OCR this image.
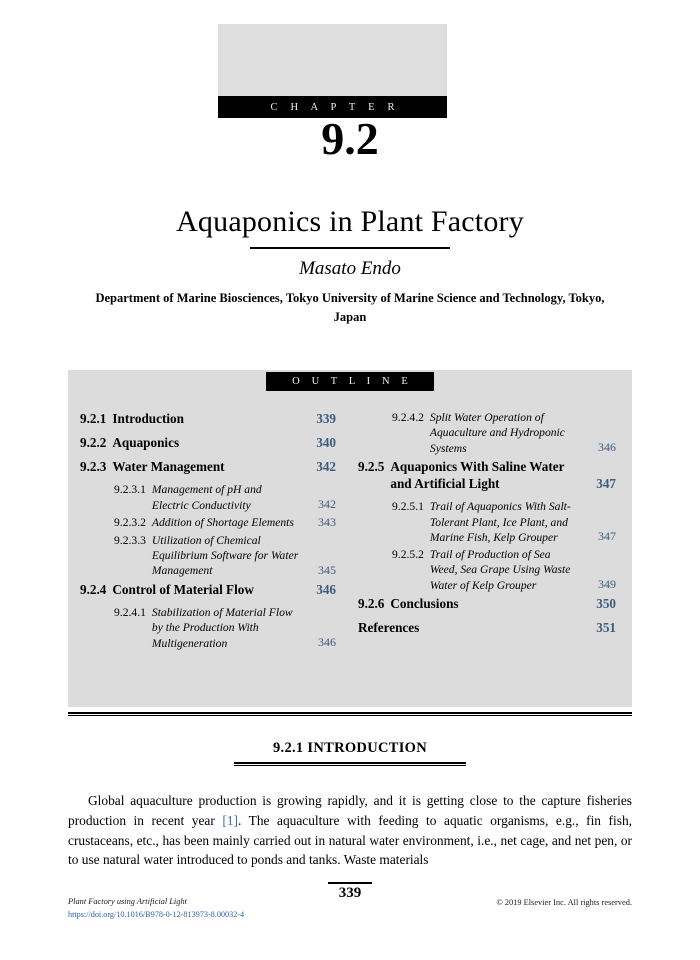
C H A P T E R
9.2
Aquaponics in Plant Factory
Masato Endo
Department of Marine Biosciences, Tokyo University of Marine Science and Technology, Tokyo, Japan
O U T L I N E
9.2.1 Introduction	339
9.2.2 Aquaponics	340
9.2.3 Water Management	342
9.2.3.1 Management of pH and Electric Conductivity	342
9.2.3.2 Addition of Shortage Elements	343
9.2.3.3 Utilization of Chemical Equilibrium Software for Water Management	345
9.2.4 Control of Material Flow	346
9.2.4.1 Stabilization of Material Flow by the Production With Multigeneration	346
9.2.4.2 Split Water Operation of Aquaculture and Hydroponic Systems	346
9.2.5 Aquaponics With Saline Water and Artificial Light	347
9.2.5.1 Trail of Aquaponics With Salt-Tolerant Plant, Ice Plant, and Marine Fish, Kelp Grouper	347
9.2.5.2 Trail of Production of Sea Weed, Sea Grape Using Waste Water of Kelp Grouper	349
9.2.6 Conclusions	350
References	351
9.2.1 INTRODUCTION

Global aquaculture production is growing rapidly, and it is getting close to the capture fisheries production in recent year [1]. The aquaculture with feeding to aquatic organisms, e.g., fin fish, crustaceans, etc., has been mainly carried out in natural water environment, i.e., net cage, and net pen, or to use natural water introduced to ponds and tanks. Waste materials

Plant Factory using Artificial Light
https://doi.org/10.1016/B978-0-12-813973-8.00032-4
339
© 2019 Elsevier Inc. All rights reserved.
